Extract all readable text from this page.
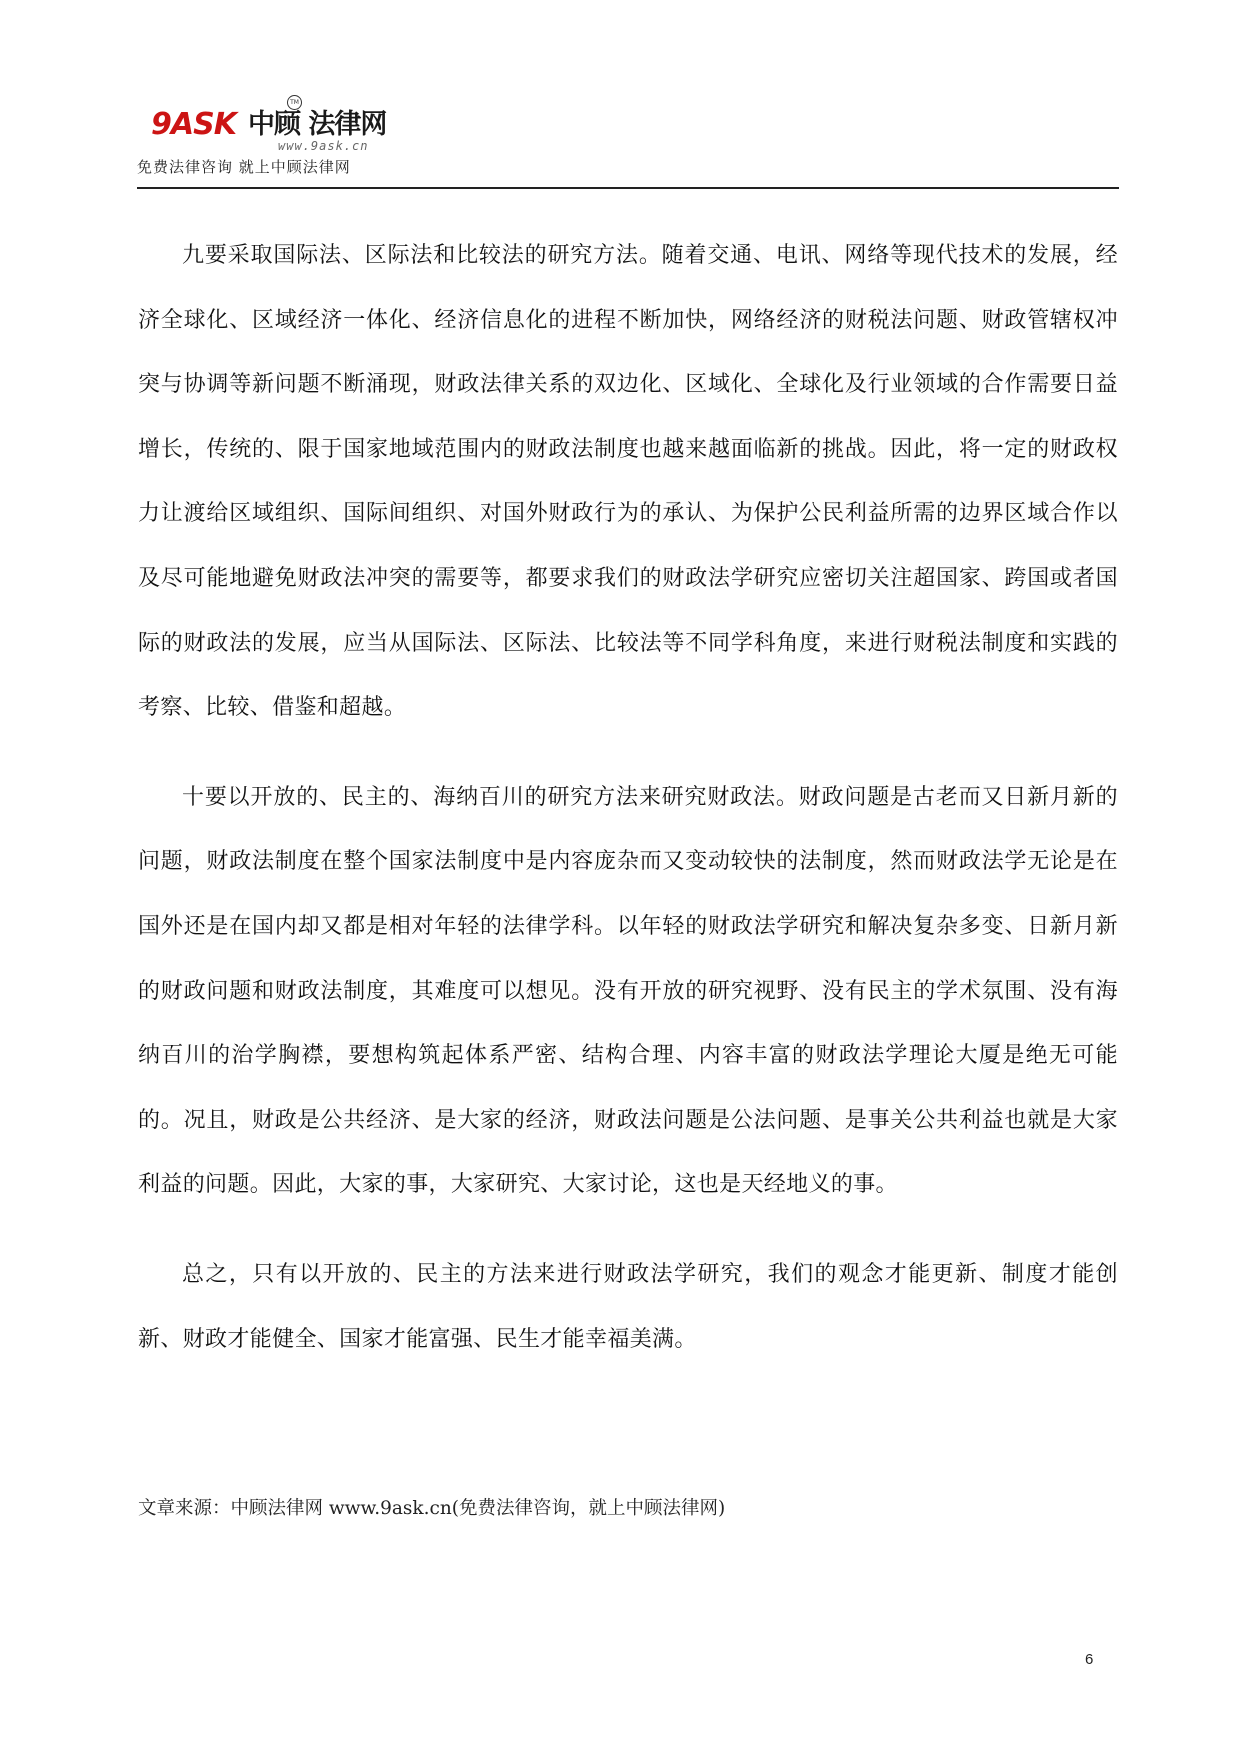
9ASK 中顾 法律网
TM
www.9ask.cn
免费法律咨询 就上中顾法律网

九要采取国际法、区际法和比较法的研究方法。随着交通、电讯、网络等现代技术的发展，经济全球化、区域经济一体化、经济信息化的进程不断加快，网络经济的财税法问题、财政管辖权冲突与协调等新问题不断涌现，财政法律关系的双边化、区域化、全球化及行业领域的合作需要日益增长，传统的、限于国家地域范围内的财政法制度也越来越面临新的挑战。因此，将一定的财政权力让渡给区域组织、国际间组织、对国外财政行为的承认、为保护公民利益所需的边界区域合作以及尽可能地避免财政法冲突的需要等，都要求我们的财政法学研究应密切关注超国家、跨国或者国际的财政法的发展，应当从国际法、区际法、比较法等不同学科角度，来进行财税法制度和实践的考察、比较、借鉴和超越。

十要以开放的、民主的、海纳百川的研究方法来研究财政法。财政问题是古老而又日新月新的问题，财政法制度在整个国家法制度中是内容庞杂而又变动较快的法制度，然而财政法学无论是在国外还是在国内却又都是相对年轻的法律学科。以年轻的财政法学研究和解决复杂多变、日新月新的财政问题和财政法制度，其难度可以想见。没有开放的研究视野、没有民主的学术氛围、没有海纳百川的治学胸襟，要想构筑起体系严密、结构合理、内容丰富的财政法学理论大厦是绝无可能的。况且，财政是公共经济、是大家的经济，财政法问题是公法问题、是事关公共利益也就是大家利益的问题。因此，大家的事，大家研究、大家讨论，这也是天经地义的事。

总之，只有以开放的、民主的方法来进行财政法学研究，我们的观念才能更新、制度才能创新、财政才能健全、国家才能富强、民生才能幸福美满。

文章来源：中顾法律网 www.9ask.cn(免费法律咨询，就上中顾法律网)
6
